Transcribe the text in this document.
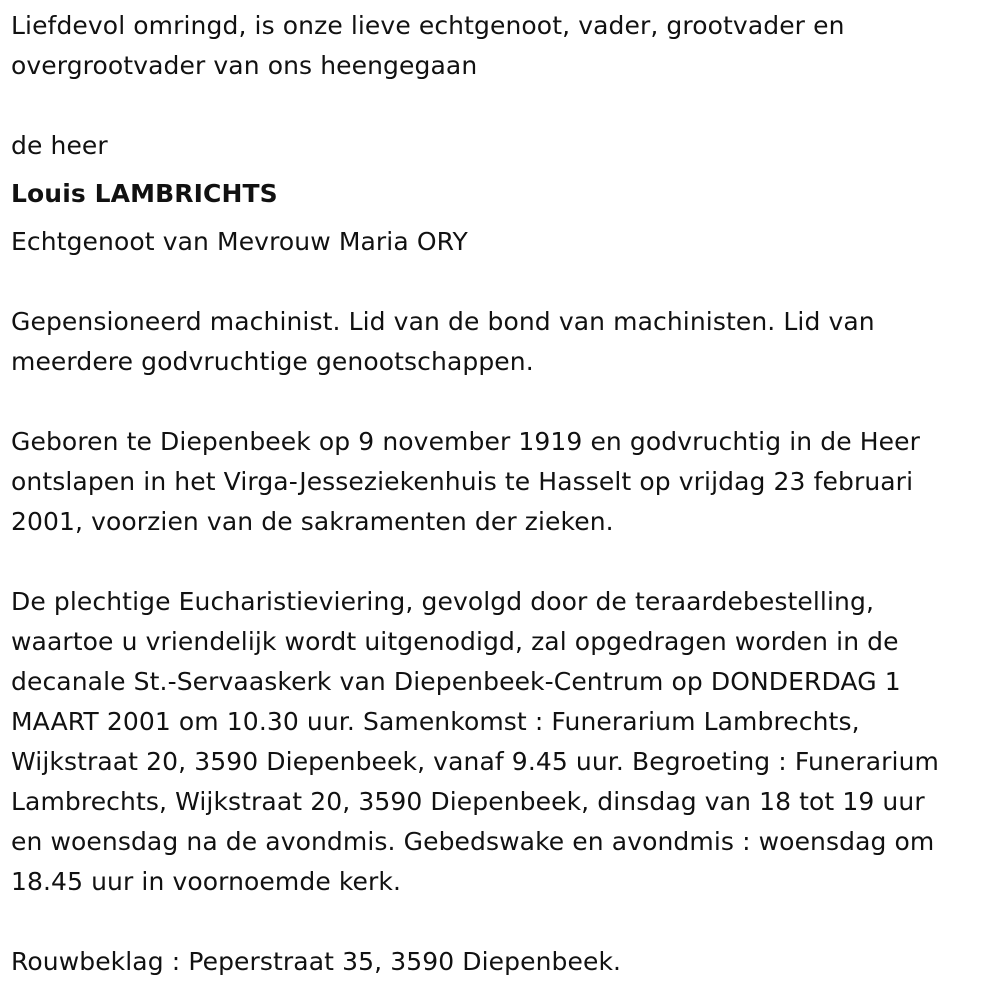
Liefdevol omringd, is onze lieve echtgenoot, vader, grootvader en

overgrootvader van ons heengegaan

de heer

Louis LAMBRICHTS

Echtgenoot van Mevrouw Maria ORY

Gepensioneerd machinist. Lid van de bond van machinisten. Lid van

meerdere godvruchtige genootschappen.

Geboren te Diepenbeek op 9 november 1919 en godvruchtig in de Heer

ontslapen in het Virga-Jesseziekenhuis te Hasselt op vrijdag 23 februari

2001, voorzien van de sakramenten der zieken.

De plechtige Eucharistieviering, gevolgd door de teraardebestelling,

waartoe u vriendelijk wordt uitgenodigd, zal opgedragen worden in de

decanale St.-Servaaskerk van Diepenbeek-Centrum op DONDERDAG 1

MAART 2001 om 10.30 uur. Samenkomst : Funerarium Lambrechts,

Wijkstraat 20, 3590 Diepenbeek, vanaf 9.45 uur. Begroeting : Funerarium

Lambrechts, Wijkstraat 20, 3590 Diepenbeek, dinsdag van 18 tot 19 uur

en woensdag na de avondmis. Gebedswake en avondmis : woensdag om

18.45 uur in voornoemde kerk.

Rouwbeklag : Peperstraat 35, 3590 Diepenbeek.
